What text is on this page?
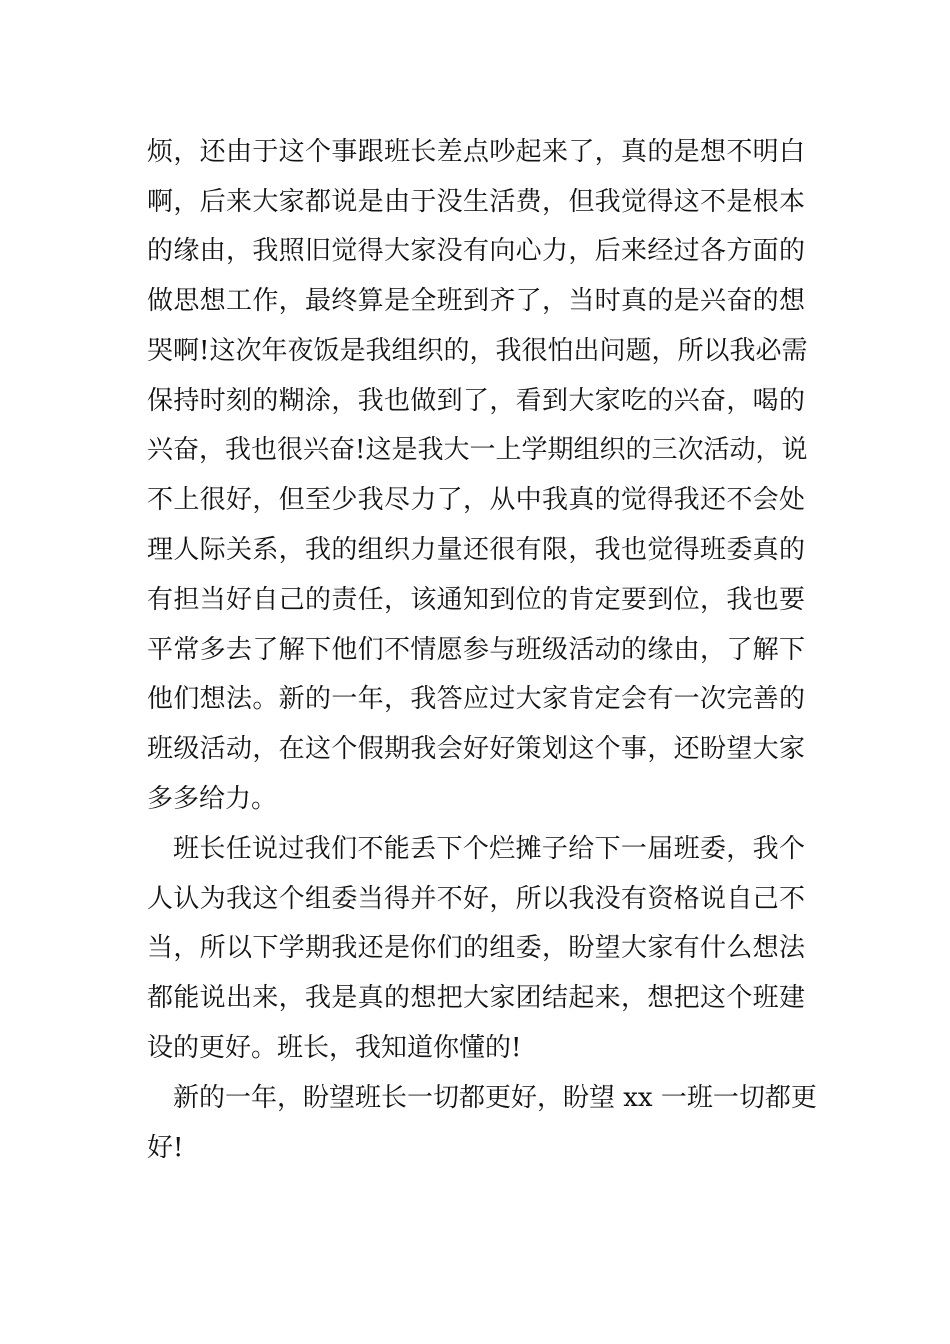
烦，还由于这个事跟班长差点吵起来了，真的是想不明白
啊，后来大家都说是由于没生活费，但我觉得这不是根本
的缘由，我照旧觉得大家没有向心力，后来经过各方面的
做思想工作，最终算是全班到齐了，当时真的是兴奋的想
哭啊!这次年夜饭是我组织的，我很怕出问题，所以我必需
保持时刻的糊涂，我也做到了，看到大家吃的兴奋，喝的
兴奋，我也很兴奋!这是我大一上学期组织的三次活动，说
不上很好，但至少我尽力了，从中我真的觉得我还不会处
理人际关系，我的组织力量还很有限，我也觉得班委真的
有担当好自己的责任，该通知到位的肯定要到位，我也要
平常多去了解下他们不情愿参与班级活动的缘由，了解下
他们想法。新的一年，我答应过大家肯定会有一次完善的
班级活动，在这个假期我会好好策划这个事，还盼望大家
多多给力。
班长任说过我们不能丢下个烂摊子给下一届班委，我个
人认为我这个组委当得并不好，所以我没有资格说自己不
当，所以下学期我还是你们的组委，盼望大家有什么想法
都能说出来，我是真的想把大家团结起来，想把这个班建
设的更好。班长，我知道你懂的!
新的一年，盼望班长一切都更好，盼望 xx 一班一切都更
好!
